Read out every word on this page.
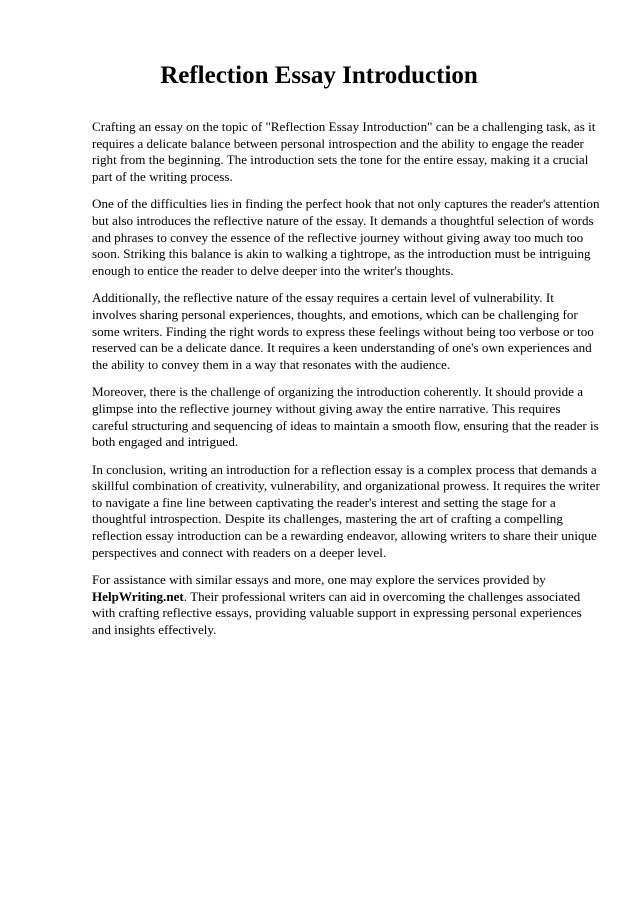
Reflection Essay Introduction

Crafting an essay on the topic of "Reflection Essay Introduction" can be a challenging task, as it requires a delicate balance between personal introspection and the ability to engage the reader right from the beginning. The introduction sets the tone for the entire essay, making it a crucial part of the writing process.

One of the difficulties lies in finding the perfect hook that not only captures the reader's attention but also introduces the reflective nature of the essay. It demands a thoughtful selection of words and phrases to convey the essence of the reflective journey without giving away too much too soon. Striking this balance is akin to walking a tightrope, as the introduction must be intriguing enough to entice the reader to delve deeper into the writer's thoughts.

Additionally, the reflective nature of the essay requires a certain level of vulnerability. It involves sharing personal experiences, thoughts, and emotions, which can be challenging for some writers. Finding the right words to express these feelings without being too verbose or too reserved can be a delicate dance. It requires a keen understanding of one's own experiences and the ability to convey them in a way that resonates with the audience.

Moreover, there is the challenge of organizing the introduction coherently. It should provide a glimpse into the reflective journey without giving away the entire narrative. This requires careful structuring and sequencing of ideas to maintain a smooth flow, ensuring that the reader is both engaged and intrigued.

In conclusion, writing an introduction for a reflection essay is a complex process that demands a skillful combination of creativity, vulnerability, and organizational prowess. It requires the writer to navigate a fine line between captivating the reader's interest and setting the stage for a thoughtful introspection. Despite its challenges, mastering the art of crafting a compelling reflection essay introduction can be a rewarding endeavor, allowing writers to share their unique perspectives and connect with readers on a deeper level.

For assistance with similar essays and more, one may explore the services provided by HelpWriting.net. Their professional writers can aid in overcoming the challenges associated with crafting reflective essays, providing valuable support in expressing personal experiences and insights effectively.
